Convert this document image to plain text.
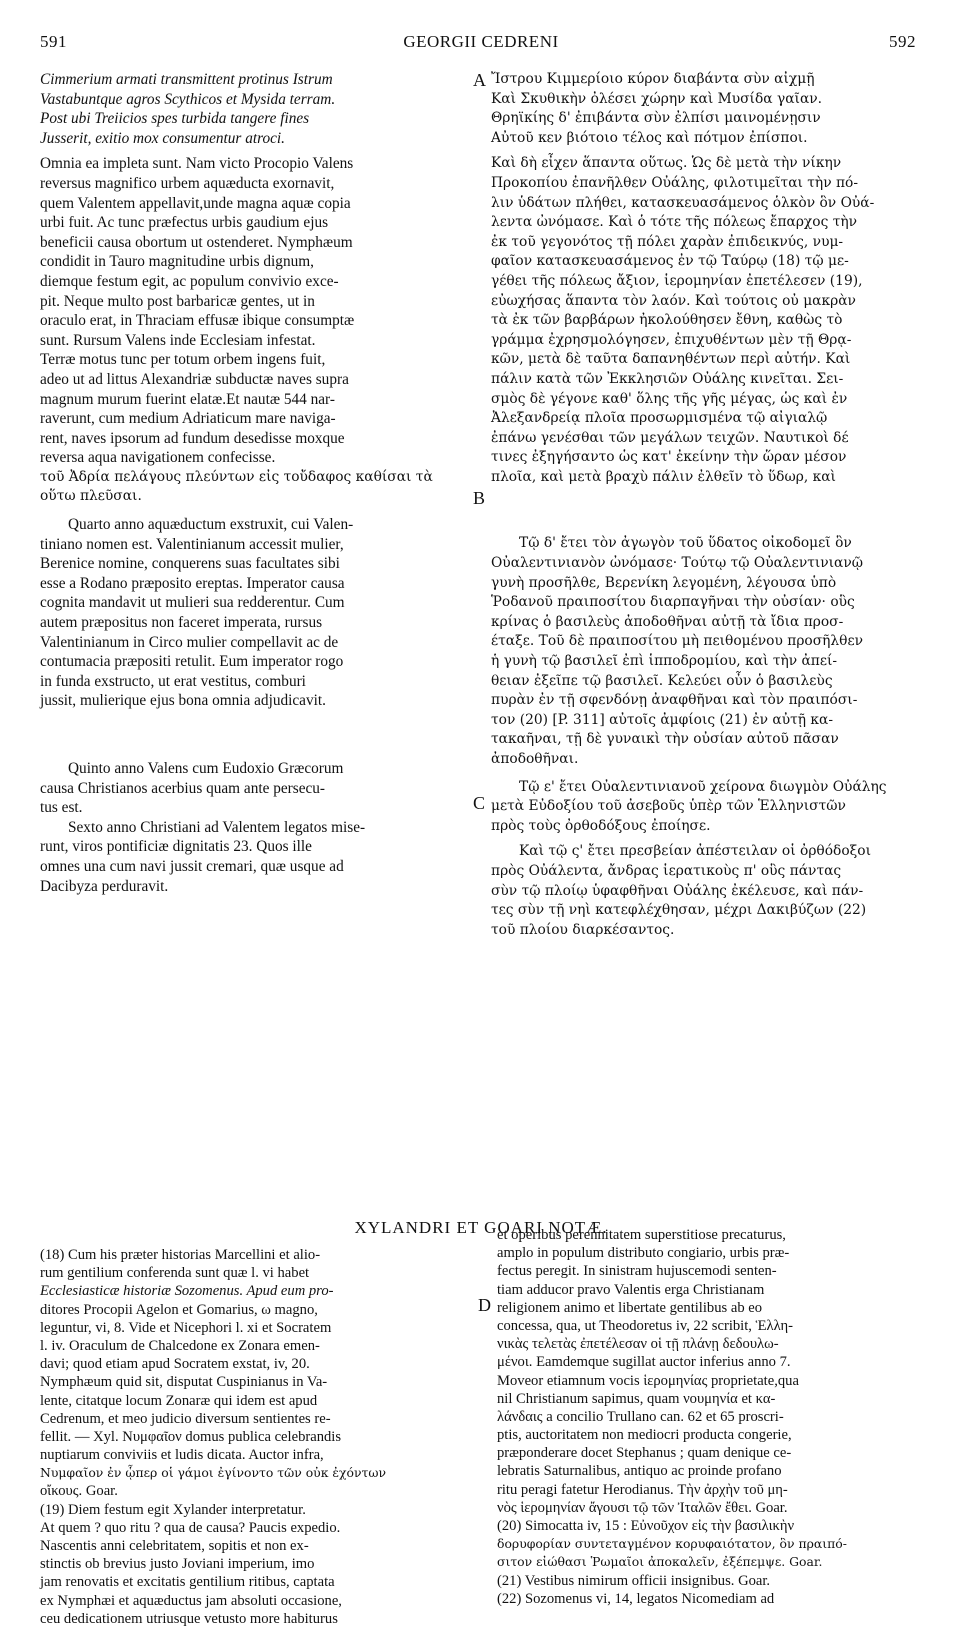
591	GEORGII CEDRENI	592
A
B
C
D
Cimmerium armati transmittent protinus Istrum
Vastabuntque agros Scythicos et Mysida terram.
Post ubi Treiicios spes turbida tangere fines
Jusserit, exitio mox consumentur atroci.
Omnia ea impleta sunt. Nam victo Procopio Valens
reversus magnifico urbem aquæducta exornavit,
quem Valentem appellavit,unde magna aquæ copia
urbi fuit. Ac tunc præfectus urbis gaudium ejus
beneficii causa obortum ut ostenderet. Nymphæum
condidit in Tauro magnitudine urbis dignum,
diemque festum egit, ac populum convivio exce-
pit. Neque multo post barbaricæ gentes, ut in
oraculo erat, in Thraciam effusæ ibique consumptæ
sunt. Rursum Valens inde Ecclesiam infestat.
Terræ motus tunc per totum orbem ingens fuit,
adeo ut ad littus Alexandriæ subductæ naves supra
magnum murum fuerint elatæ.Et nautæ 544 nar-
raverunt, cum medium Adriaticum mare naviga-
rent, naves ipsorum ad fundum desedisse moxque
reversa aqua navigationem confecisse.
τοῦ Ἀδρία πελάγους πλεύντων εἰς τοὔδαφος καθίσαι τὰ
οὕτω πλεῦσαι.
Quarto anno aquæductum exstruxit, cui Valen-
tiniano nomen est. Valentinianum accessit mulier,
Berenice nomine, conquerens suas facultates sibi
esse a Rodano præposito ereptas. Imperator causa
cognita mandavit ut mulieri sua redderentur. Cum
autem præpositus non faceret imperata, rursus
Valentinianum in Circo mulier compellavit ac de
contumacia præpositi retulit. Eum imperator rogo
in funda exstructo, ut erat vestitus, comburi
jussit, mulierique ejus bona omnia adjudicavit.
Quinto anno Valens cum Eudoxio Græcorum
causa Christianos acerbius quam ante persecu-
tus est.
Sexto anno Christiani ad Valentem legatos mise-
runt, viros pontificiæ dignitatis 23. Quos ille
omnes una cum navi jussit cremari, quæ usque ad
Dacibyza perduravit.
Ἴστρου Κιμμερίοιο κύρον διαβάντα σὺν αἰχμῇ
Καὶ Σκυθικὴν ὀλέσει χώρην καὶ Μυσίδα γαῖαν.
Θρηϊκίης δ' ἐπιβάντα σὺν ἐλπίσι μαινομένῃσιν
Αὐτοῦ κεν βιότοιο τέλος καὶ πότμον ἐπίσποι.
Καὶ δὴ εἶχεν ἅπαντα οὕτως. Ὡς δὲ μετὰ τὴν νίκην
Προκοπίου ἐπανῆλθεν Οὐάλης, φιλοτιμεῖται τὴν πό-
λιν ὑδάτων πλήθει, κατασκευασάμενος ὁλκὸν ὃν Οὐά-
λεντα ὠνόμασε. Καὶ ὁ τότε τῆς πόλεως ἔπαρχος τὴν
ἐκ τοῦ γεγονότος τῇ πόλει χαρὰν ἐπιδεικνύς, νυμ-
φαῖον κατασκευασάμενος ἐν τῷ Ταύρῳ (18) τῷ με-
γέθει τῆς πόλεως ἄξιον, ἱερομηνίαν ἐπετέλεσεν (19),
εὐωχήσας ἅπαντα τὸν λαόν. Καὶ τούτοις οὐ μακρὰν
τὰ ἐκ τῶν βαρβάρων ἠκολούθησεν ἔθνη, καθὼς τὸ
γράμμα ἐχρησμολόγησεν, ἐπιχυθέντων μὲν τῇ Θρᾳ-
κῶν, μετὰ δὲ ταῦτα δαπανηθέντων περὶ αὐτήν. Καὶ
πάλιν κατὰ τῶν Ἐκκλησιῶν Οὐάλης κινεῖται. Σει-
σμὸς δὲ γέγονε καθ' ὅλης τῆς γῆς μέγας, ὡς καὶ ἐν
Ἀλεξανδρείᾳ πλοῖα προσωρμισμένα τῷ αἰγιαλῷ
ἐπάνω γενέσθαι τῶν μεγάλων τειχῶν. Ναυτικοὶ δέ
τινες ἐξηγήσαντο ὡς κατ' ἐκείνην τὴν ὥραν μέσον
πλοῖα, καὶ μετὰ βραχὺ πάλιν ἐλθεῖν τὸ ὕδωρ, καὶ
Τῷ δ' ἔτει τὸν ἀγωγὸν τοῦ ὕδατος οἰκοδομεῖ ὃν
Οὐαλεντινιανὸν ὠνόμασε· Τούτῳ τῷ Οὐαλεντινιανῷ
γυνὴ προσῆλθε, Βερενίκη λεγομένη, λέγουσα ὑπὸ
Ῥοδανοῦ πραιποσίτου διαρπαγῆναι τὴν οὐσίαν· οὓς
κρίνας ὁ βασιλεὺς ἀποδοθῆναι αὐτῇ τὰ ἴδια προσ-
έταξε. Τοῦ δὲ πραιποσίτου μὴ πειθομένου προσῆλθεν
ἡ γυνὴ τῷ βασιλεῖ ἐπὶ ἱπποδρομίου, καὶ τὴν ἀπεί-
θειαν ἐξεῖπε τῷ βασιλεῖ. Κελεύει οὖν ὁ βασιλεὺς
πυρὰν ἐν τῇ σφενδόνῃ ἀναφθῆναι καὶ τὸν πραιπόσι-
τον (20) [P. 311] αὐτοῖς ἀμφίοις (21) ἐν αὐτῇ κα-
τακαῆναι, τῇ δὲ γυναικὶ τὴν οὐσίαν αὐτοῦ πᾶσαν
ἀποδοθῆναι.
Τῷ ε' ἔτει Οὐαλεντινιανοῦ χείρονα διωγμὸν Οὐάλης
μετὰ Εὐδοξίου τοῦ ἀσεβοῦς ὑπὲρ τῶν Ἑλληνιστῶν
πρὸς τοὺς ὀρθοδόξους ἐποίησε.
Καὶ τῷ ς' ἔτει πρεσβείαν ἀπέστειλαν οἱ ὀρθόδοξοι
πρὸς Οὐάλεντα, ἄνδρας ἱερατικοὺς π' οὓς πάντας
σὺν τῷ πλοίῳ ὑφαφθῆναι Οὐάλης ἐκέλευσε, καὶ πάν-
τες σὺν τῇ νηὶ κατεφλέχθησαν, μέχρι Δακιβύζων (22)
τοῦ πλοίου διαρκέσαντος.
XYLANDRI ET GOARI NOTÆ.
(18) Cum his præter historias Marcellini et alio-
rum gentilium conferenda sunt quæ l. vi habet
Ecclesiasticæ historiæ Sozomenus. Apud eum pro-
ditores Procopii Agelon et Gomarius, ω magno,
leguntur, vi, 8. Vide et Nicephori l. xi et Socratem
l. iv. Oraculum de Chalcedone ex Zonara emen-
davi; quod etiam apud Socratem exstat, iv, 20.
Nymphæum quid sit, disputat Cuspinianus in Va-
lente, citatque locum Zonaræ qui idem est apud
Cedrenum, et meo judicio diversum sentientes re-
fellit. — Xyl. Νυμφαῖον domus publica celebrandis
nuptiarum conviviis et ludis dicata. Auctor infra,
Νυμφαῖον ἐν ᾧπερ οἱ γάμοι ἐγίνοντο τῶν οὐκ ἐχόντων
οἴκους. Goar.
(19) Diem festum egit Xylander interpretatur.
At quem ? quo ritu ? qua de causa? Paucis expedio.
Nascentis anni celebritatem, sopitis et non ex-
stinctis ob brevius justo Joviani imperium, imo
jam renovatis et excitatis gentilium ritibus, captata
ex Nymphæi et aquæductus jam absoluti occasione,
ceu dedicationem utriusque vetusto more habiturus
et operibus perennitatem superstitiose precaturus,
amplo in populum distributo congiario, urbis præ-
fectus peregit. In sinistram hujuscemodi senten-
tiam adducor pravo Valentis erga Christianam
religionem animo et libertate gentilibus ab eo
concessa, qua, ut Theodoretus iv, 22 scribit, Ἑλλη-
νικὰς τελετὰς ἐπετέλεσαν οἱ τῇ πλάνῃ δεδουλω-
μένοι. Eamdemque sugillat auctor inferius anno 7.
Moveor etiamnum vocis ἱερομηνίας proprietate,qua
nil Christianum sapimus, quam νουμηνία et κα-
λάνδαις a concilio Trullano can. 62 et 65 proscri-
ptis, auctoritatem non mediocri producta congerie,
præponderare docet Stephanus ; quam denique ce-
lebratis Saturnalibus, antiquo ac proinde profano
ritu peragi fatetur Herodianus. Τὴν ἀρχὴν τοῦ μη-
νὸς ἱερομηνίαν ἄγουσι τῷ τῶν Ἰταλῶν ἔθει. Goar.
(20) Simocatta iv, 15 : Εὐνοῦχον εἰς τὴν βασιλικὴν
δορυφορίαν συντεταγμένον κορυφαιότατον, ὃν πραιπό-
σιτον εἰώθασι Ῥωμαῖοι ἀποκαλεῖν, ἐξέπεμψε. Goar.
(21) Vestibus nimirum officii insignibus. Goar.
(22) Sozomenus vi, 14, legatos Nicomediam ad
